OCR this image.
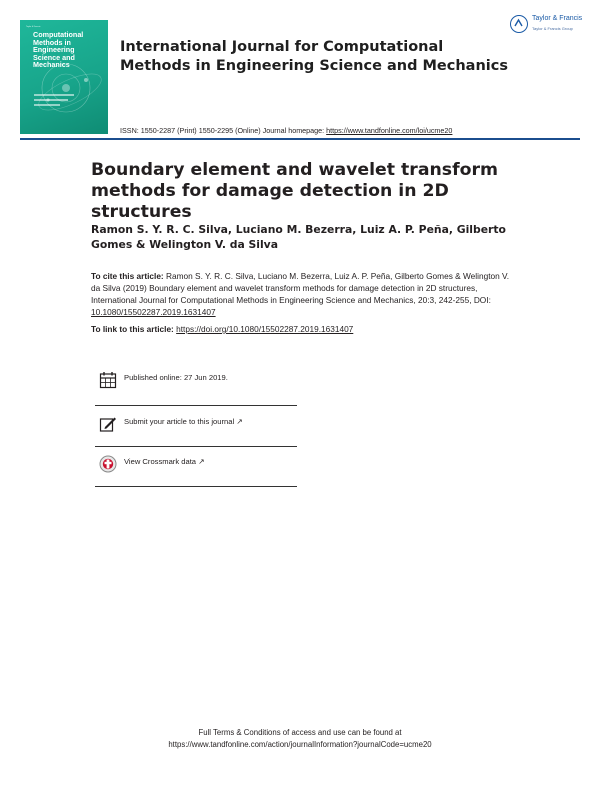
Taylor & Francis
Computational
Methods in Engineering
Science and Mechanics
International Journal for Computational Methods in Engineering Science and Mechanics
Taylor & Francis
Taylor & Francis Group
ISSN: 1550-2287 (Print) 1550-2295 (Online) Journal homepage: https://www.tandfonline.com/loi/ucme20
Boundary element and wavelet transform methods for damage detection in 2D structures
Ramon S. Y. R. C. Silva, Luciano M. Bezerra, Luiz A. P. Peña, Gilberto Gomes & Welington V. da Silva
To cite this article: Ramon S. Y. R. C. Silva, Luciano M. Bezerra, Luiz A. P. Peña, Gilberto Gomes & Welington V. da Silva (2019) Boundary element and wavelet transform methods for damage detection in 2D structures, International Journal for Computational Methods in Engineering Science and Mechanics, 20:3, 242-255, DOI: 10.1080/15502287.2019.1631407
To link to this article: https://doi.org/10.1080/15502287.2019.1631407
Published online: 27 Jun 2019.
Submit your article to this journal ↗
View Crossmark data ↗
Full Terms & Conditions of access and use can be found at
https://www.tandfonline.com/action/journalInformation?journalCode=ucme20
